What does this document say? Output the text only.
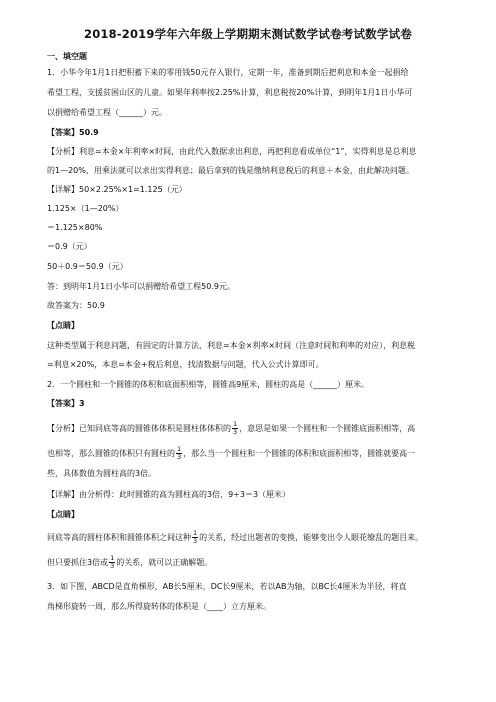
2018-2019学年六年级上学期期末测试数学试卷考试数学试卷
一、填空题
1．小华今年1月1日把积蓄下来的零用钱50元存入银行，定期一年，准备到期后把利息和本金一起捐给
希望工程，支援贫困山区的儿童。如果年利率按2.25%计算，利息税按20%计算，到明年1月1日小华可
以捐赠给希望工程（______）元。
【答案】50.9
【分析】利息=本金×年利率×时间，由此代入数据求出利息，再把利息看成单位“1”，实得利息是总利息
的1—20%，用乘法就可以求出实得利息；最后拿到的钱是缴纳利息税后的利息＋本金，由此解决问题。
【详解】50×2.25%×1=1.125（元）
1.125×（1—20%）
＝1.125×80%
＝0.9（元）
50＋0.9＝50.9（元）
答：到明年1月1日小华可以捐赠给希望工程50.9元。
故答案为：50.9
【点睛】
这种类型属于利息问题，有固定的计算方法，利息=本金×利率×时间（注意时间和利率的对应），利息税
=利息×20%，本息=本金+税后利息，找清数据与问题，代入公式计算即可。
2．一个圆柱和一个圆锥的体积和底面积相等，圆锥高9厘米，圆柱的高是（______）厘米。
【答案】3
【分析】已知同底等高的圆锥体体积是圆柱体体积的 $\frac{1}{3}$ ，意思是如果一个圆柱和一个圆锥底面积相等，高
也相等，那么圆锥的体积只有圆柱的 $\frac{1}{3}$ ，那么当一个圆柱和一个圆锥的体积和底面积相等，圆锥就要高一
些，具体数值为圆柱高的3倍。
【详解】由分析得：此时圆锥的高为圆柱高的3倍，9÷3＝3（厘米）
【点睛】
同底等高的圆柱体积和圆锥体积之间这种 $\frac{1}{3}$ 的关系，经过出题者的变换，能够变出令人眼花缭乱的题目来。
但只要抓住3倍或 $\frac{1}{3}$ 的关系，就可以正确解题。
3．如下图，ABCD是直角梯形，AB长5厘米，DC长9厘米，若以AB为轴，以BC长4厘米为半径，将直
角梯形旋转一周，那么所得旋转体的体积是（____）立方厘米。
